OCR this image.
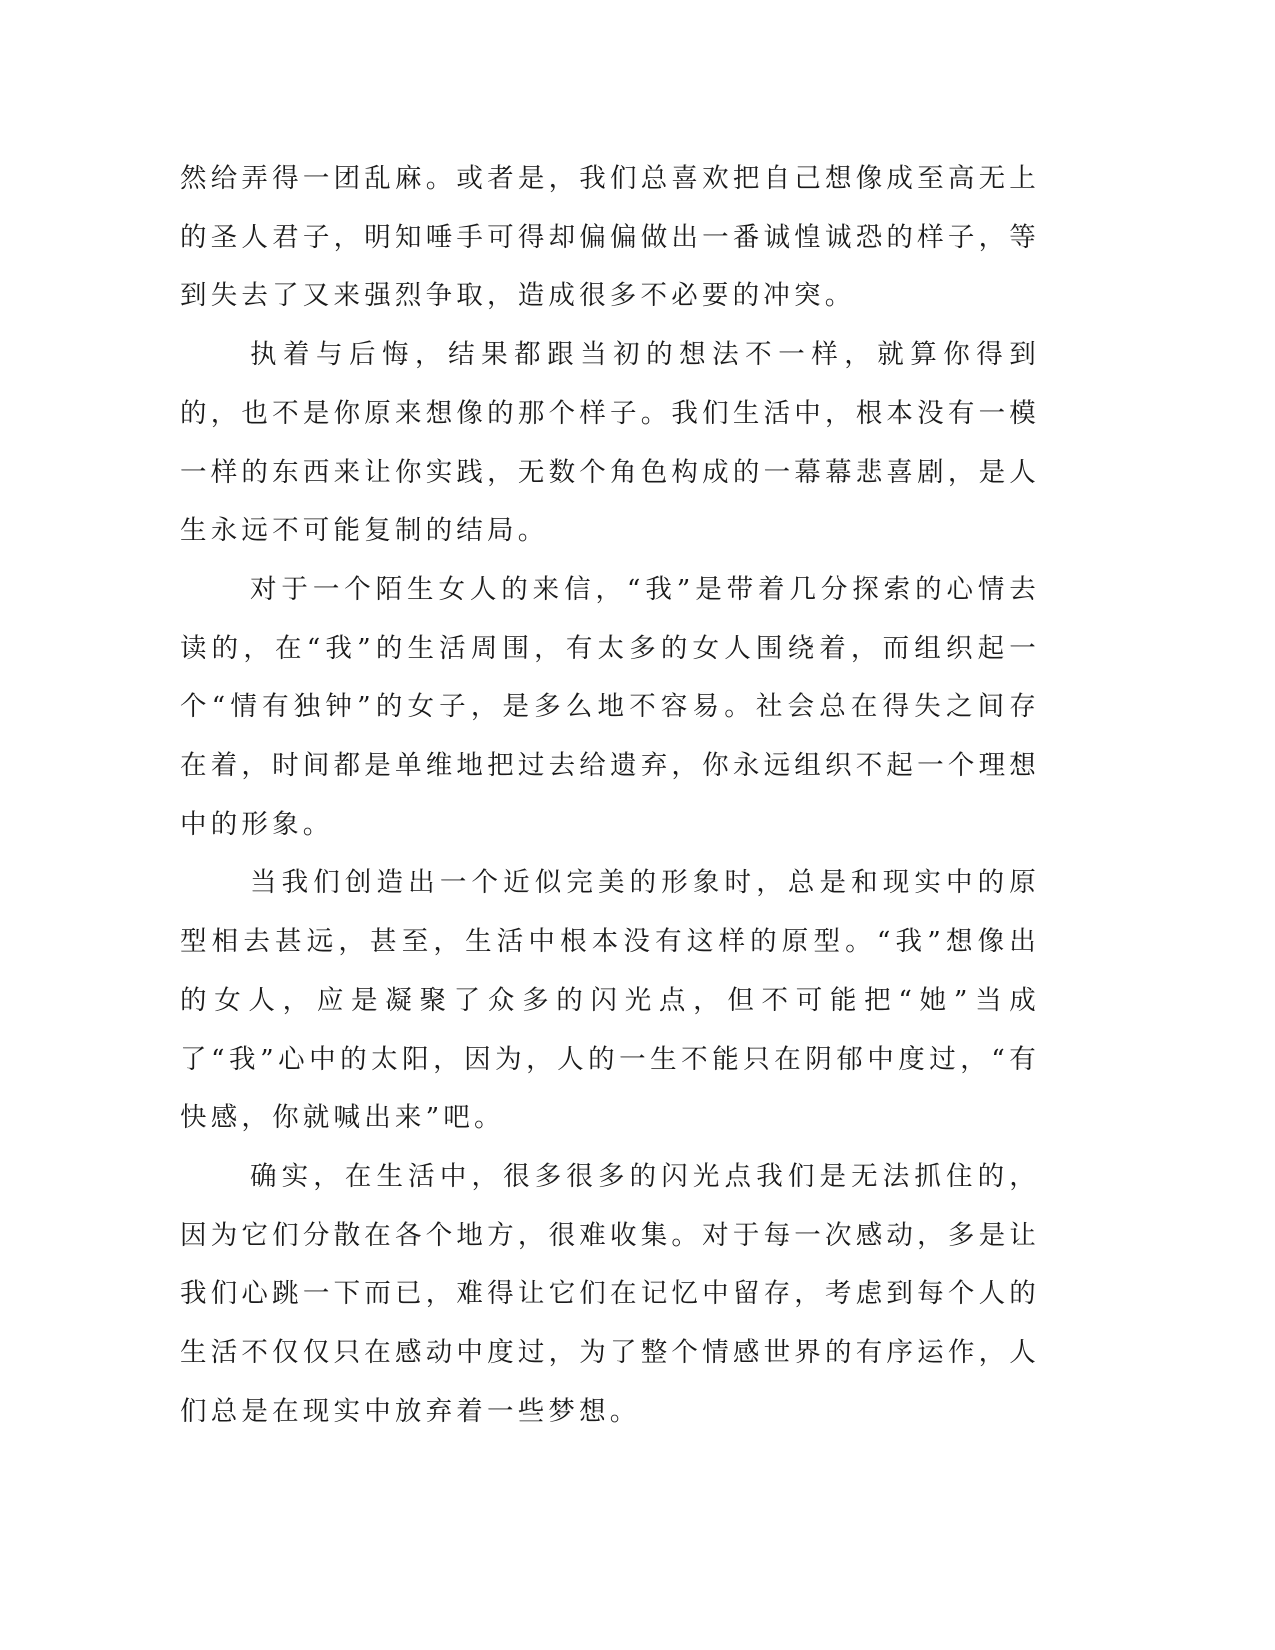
然给弄得一团乱麻。或者是，我们总喜欢把自己想像成至高无上的圣人君子，明知唾手可得却偏偏做出一番诚惶诚恐的样子，等到失去了又来强烈争取，造成很多不必要的冲突。

执着与后悔，结果都跟当初的想法不一样，就算你得到的，也不是你原来想像的那个样子。我们生活中，根本没有一模一样的东西来让你实践，无数个角色构成的一幕幕悲喜剧，是人生永远不可能复制的结局。

对于一个陌生女人的来信，“我”是带着几分探索的心情去读的，在“我”的生活周围，有太多的女人围绕着，而组织起一个“情有独钟”的女子，是多么地不容易。社会总在得失之间存在着，时间都是单维地把过去给遗弃，你永远组织不起一个理想中的形象。

当我们创造出一个近似完美的形象时，总是和现实中的原型相去甚远，甚至，生活中根本没有这样的原型。“我”想像出的女人，应是凝聚了众多的闪光点，但不可能把“她”当成了“我”心中的太阳，因为，人的一生不能只在阴郁中度过，“有快感，你就喊出来”吧。

确实，在生活中，很多很多的闪光点我们是无法抓住的，因为它们分散在各个地方，很难收集。对于每一次感动，多是让我们心跳一下而已，难得让它们在记忆中留存，考虑到每个人的生活不仅仅只在感动中度过，为了整个情感世界的有序运作，人们总是在现实中放弃着一些梦想。
